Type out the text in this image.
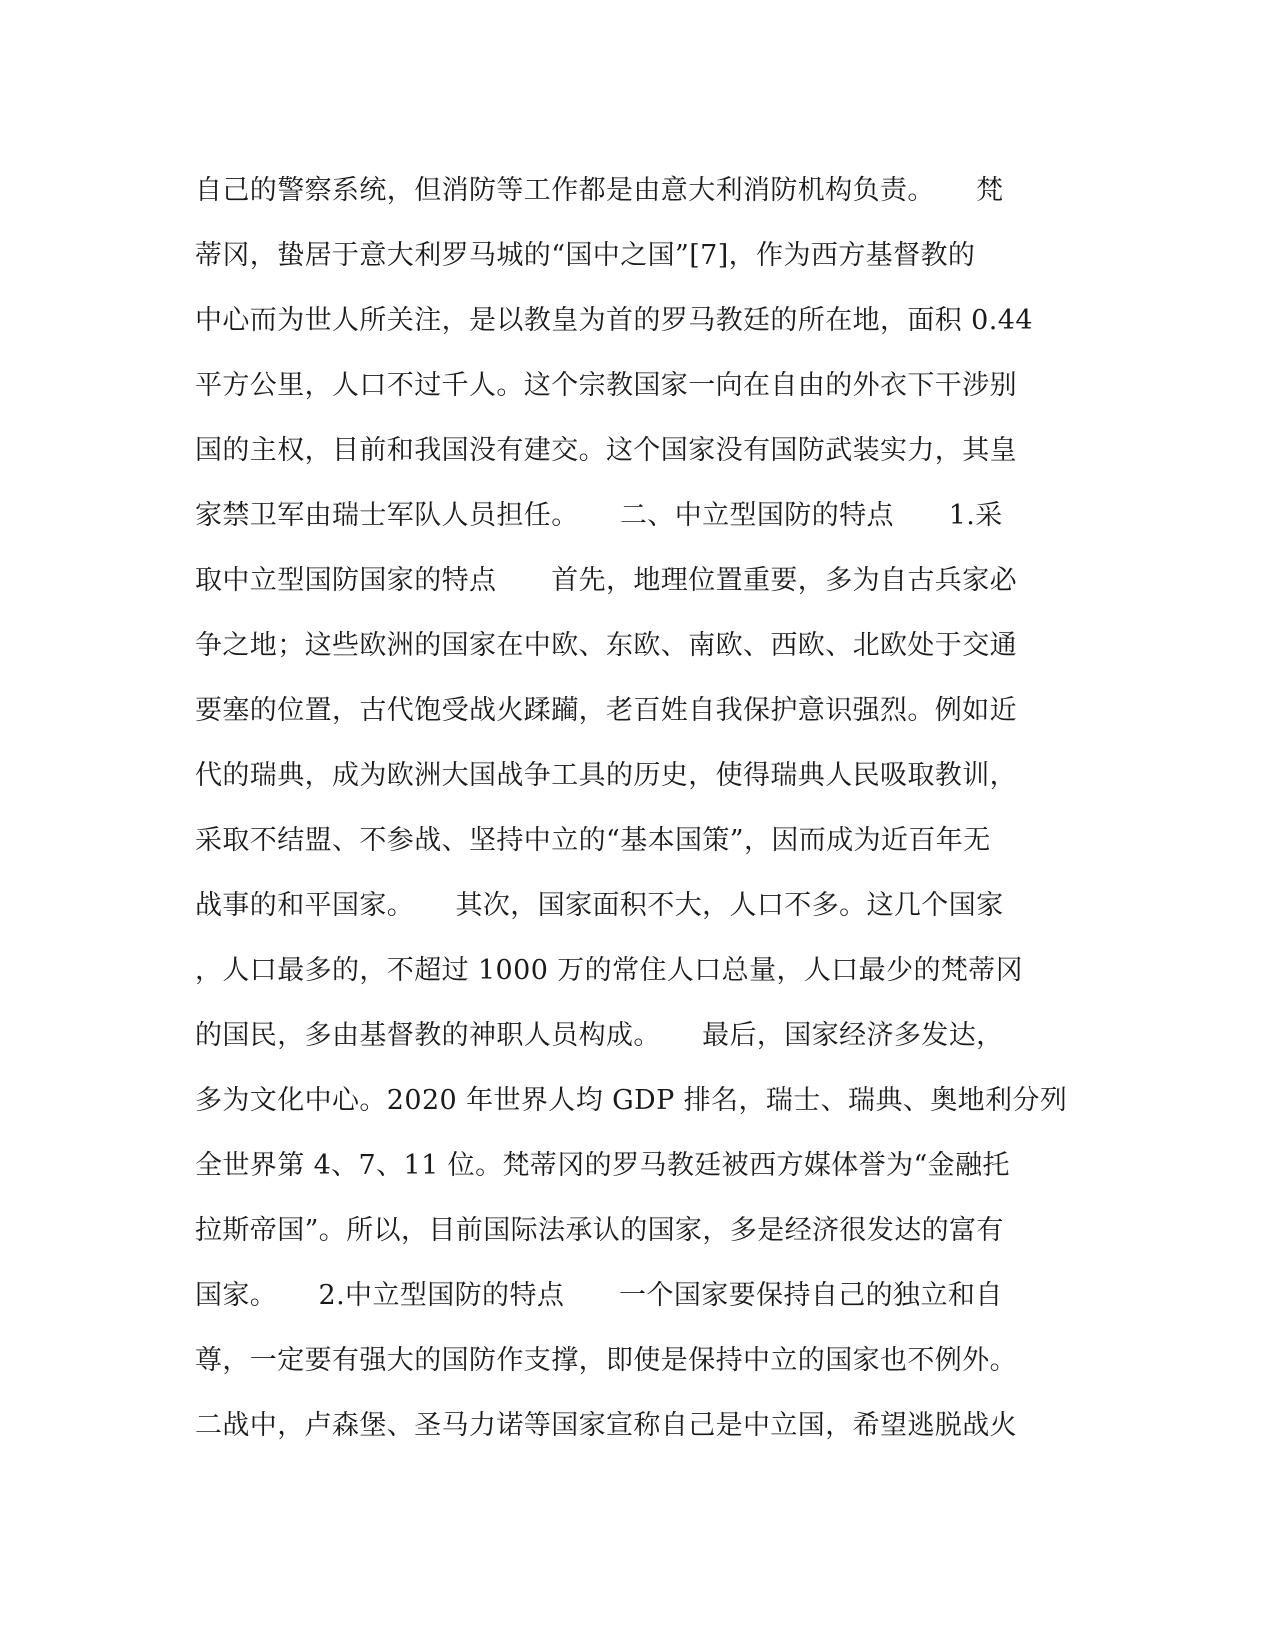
自己的警察系统，但消防等工作都是由意大利消防机构负责。　　梵
蒂冈，蛰居于意大利罗马城的“国中之国”[7]，作为西方基督教的
中心而为世人所关注，是以教皇为首的罗马教廷的所在地，面积 0.44
平方公里，人口不过千人。这个宗教国家一向在自由的外衣下干涉别
国的主权，目前和我国没有建交。这个国家没有国防武装实力，其皇
家禁卫军由瑞士军队人员担任。　　二、中立型国防的特点　　1.采
取中立型国防国家的特点　　首先，地理位置重要，多为自古兵家必
争之地；这些欧洲的国家在中欧、东欧、南欧、西欧、北欧处于交通
要塞的位置，古代饱受战火蹂躏，老百姓自我保护意识强烈。例如近
代的瑞典，成为欧洲大国战争工具的历史，使得瑞典人民吸取教训，
采取不结盟、不参战、坚持中立的“基本国策”，因而成为近百年无
战事的和平国家。　　其次，国家面积不大，人口不多。这几个国家
，人口最多的，不超过 1000 万的常住人口总量，人口最少的梵蒂冈
的国民，多由基督教的神职人员构成。　　最后，国家经济多发达，
多为文化中心。2020 年世界人均 GDP 排名，瑞士、瑞典、奥地利分列
全世界第 4、7、11 位。梵蒂冈的罗马教廷被西方媒体誉为“金融托
拉斯帝国”。所以，目前国际法承认的国家，多是经济很发达的富有
国家。　　2.中立型国防的特点　　一个国家要保持自己的独立和自
尊，一定要有强大的国防作支撑，即使是保持中立的国家也不例外。
二战中，卢森堡、圣马力诺等国家宣称自己是中立国，希望逃脱战火
